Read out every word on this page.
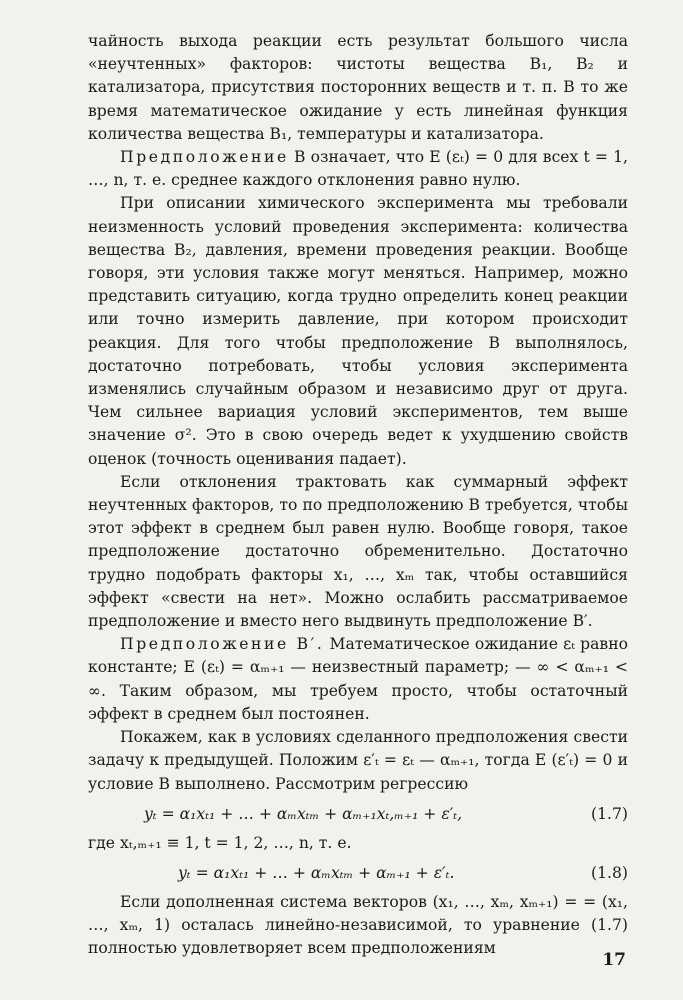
чайность выхода реакции есть результат большого числа «неучтенных» факторов: чистоты вещества B₁, B₂ и катализатора, присутствия посторонних веществ и т. п. В то же время математическое ожидание y есть линейная функция количества вещества B₁, температуры и катализатора.

Предположение В означает, что E (εₜ) = 0 для всех t = 1, …, n, т. е. среднее каждого отклонения равно нулю.

При описании химического эксперимента мы требовали неизменность условий проведения эксперимента: количества вещества B₂, давления, времени проведения реакции. Вообще говоря, эти условия также могут меняться. Например, можно представить ситуацию, когда трудно определить конец реакции или точно измерить давление, при котором происходит реакция. Для того чтобы предположение В выполнялось, достаточно потребовать, чтобы условия эксперимента изменялись случайным образом и независимо друг от друга. Чем сильнее вариация условий экспериментов, тем выше значение σ². Это в свою очередь ведет к ухудшению свойств оценок (точность оценивания падает).

Если отклонения трактовать как суммарный эффект неучтенных факторов, то по предположению В требуется, чтобы этот эффект в среднем был равен нулю. Вообще говоря, такое предположение достаточно обременительно. Достаточно трудно подобрать факторы x₁, …, xₘ так, чтобы оставшийся эффект «свести на нет». Можно ослабить рассматриваемое предположение и вместо него выдвинуть предположение В′.

Предположение В′. Математическое ожидание εₜ равно константе; E (εₜ) = αₘ₊₁ — неизвестный параметр; — ∞ < αₘ₊₁ < ∞. Таким образом, мы требуем просто, чтобы остаточный эффект в среднем был постоянен.

Покажем, как в условиях сделанного предположения свести задачу к предыдущей. Положим ε′ₜ = εₜ — αₘ₊₁, тогда E (ε′ₜ) = 0 и условие В выполнено. Рассмотрим регрессию

yₜ = α₁xₜ₁ + … + αₘxₜₘ + αₘ₊₁xₜ,ₘ₊₁ + ε′ₜ,	(1.7)

где xₜ,ₘ₊₁ ≡ 1, t = 1, 2, …, n, т. е.

yₜ = α₁xₜ₁ + … + αₘxₜₘ + αₘ₊₁ + ε′ₜ.	(1.8)

Если дополненная система векторов (x₁, …, xₘ, xₘ₊₁) = = (x₁, …, xₘ, 1) осталась линейно-независимой, то уравнение (1.7) полностью удовлетворяет всем предположениям

17
